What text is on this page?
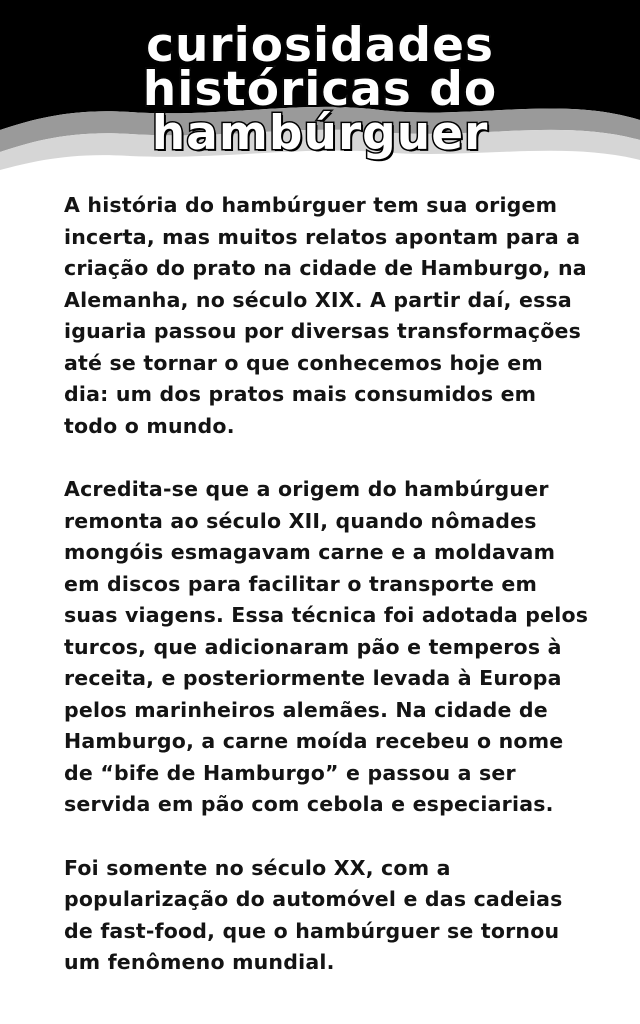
curiosidades
históricas do
hambúrguer

A história do hambúrguer tem sua origem incerta, mas muitos relatos apontam para a criação do prato na cidade de Hamburgo, na Alemanha, no século XIX. A partir daí, essa iguaria passou por diversas transformações até se tornar o que conhecemos hoje em dia: um dos pratos mais consumidos em todo o mundo.

Acredita-se que a origem do hambúrguer remonta ao século XII, quando nômades mongóis esmagavam carne e a moldavam em discos para facilitar o transporte em suas viagens. Essa técnica foi adotada pelos turcos, que adicionaram pão e temperos à receita, e posteriormente levada à Europa pelos marinheiros alemães. Na cidade de Hamburgo, a carne moída recebeu o nome de “bife de Hamburgo” e passou a ser servida em pão com cebola e especiarias.

Foi somente no século XX, com a popularização do automóvel e das cadeias de fast-food, que o hambúrguer se tornou um fenômeno mundial.
